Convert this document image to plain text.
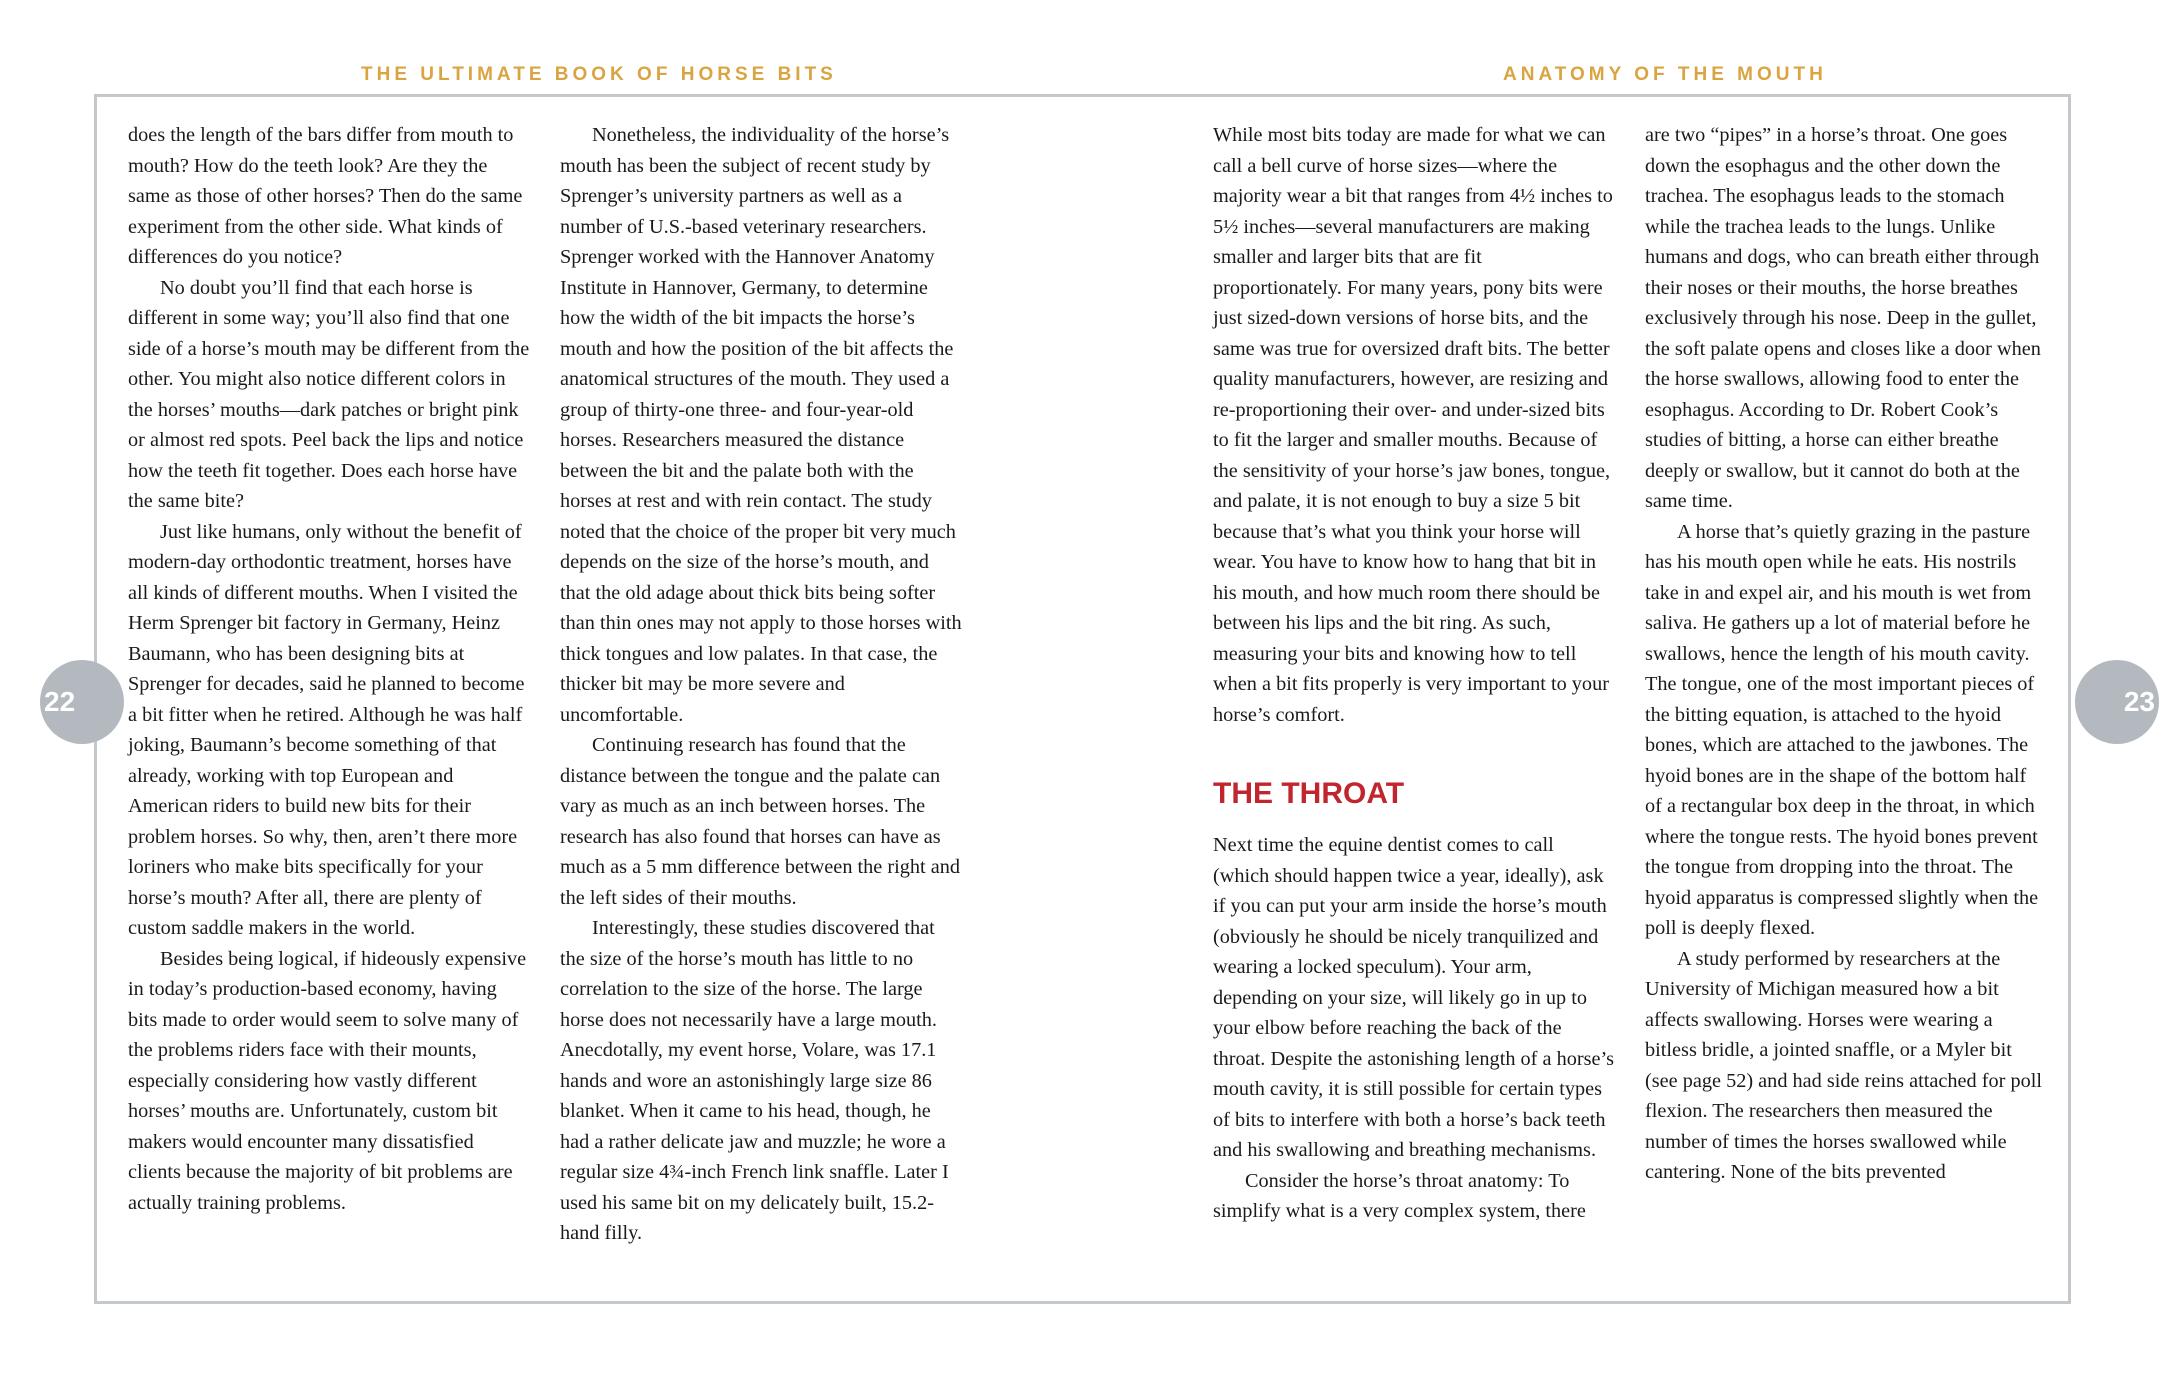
THE ULTIMATE BOOK OF HORSE BITS	ANATOMY OF THE MOUTH
22	23

does the length of the bars differ from mouth to mouth? How do the teeth look? Are they the same as those of other horses? Then do the same experiment from the other side. What kinds of differences do you notice?

No doubt you’ll find that each horse is different in some way; you’ll also find that one side of a horse’s mouth may be different from the other. You might also notice different colors in the horses’ mouths—dark patches or bright pink or almost red spots. Peel back the lips and notice how the teeth fit together. Does each horse have the same bite?

Just like humans, only without the benefit of modern-day orthodontic treatment, horses have all kinds of different mouths. When I visited the Herm Sprenger bit factory in Germany, Heinz Baumann, who has been designing bits at Sprenger for decades, said he planned to become a bit fitter when he retired. Although he was half joking, Baumann’s become something of that already, working with top European and American riders to build new bits for their problem horses. So why, then, aren’t there more loriners who make bits specifically for your horse’s mouth? After all, there are plenty of custom saddle makers in the world.

Besides being logical, if hideously expensive in today’s production-based economy, having bits made to order would seem to solve many of the problems riders face with their mounts, especially considering how vastly different horses’ mouths are. Unfortunately, custom bit makers would encounter many dissatisfied clients because the majority of bit problems are actually training problems.

Nonetheless, the individuality of the horse’s mouth has been the subject of recent study by Sprenger’s university partners as well as a number of U.S.-based veterinary researchers. Sprenger worked with the Hannover Anatomy Institute in Hannover, Germany, to determine how the width of the bit impacts the horse’s mouth and how the position of the bit affects the anatomical structures of the mouth. They used a group of thirty-one three- and four-year-old horses. Researchers measured the distance between the bit and the palate both with the horses at rest and with rein contact. The study noted that the choice of the proper bit very much depends on the size of the horse’s mouth, and that the old adage about thick bits being softer than thin ones may not apply to those horses with thick tongues and low palates. In that case, the thicker bit may be more severe and uncomfortable.

Continuing research has found that the distance between the tongue and the palate can vary as much as an inch between horses. The research has also found that horses can have as much as a 5 mm difference between the right and the left sides of their mouths.

Interestingly, these studies discovered that the size of the horse’s mouth has little to no correlation to the size of the horse. The large horse does not necessarily have a large mouth. Anecdotally, my event horse, Volare, was 17.1 hands and wore an astonishingly large size 86 blanket. When it came to his head, though, he had a rather delicate jaw and muzzle; he wore a regular size 4¾-inch French link snaffle. Later I used his same bit on my delicately built, 15.2-hand filly.

While most bits today are made for what we can call a bell curve of horse sizes—where the majority wear a bit that ranges from 4½ inches to 5½ inches—several manufacturers are making smaller and larger bits that are fit proportionately. For many years, pony bits were just sized-down versions of horse bits, and the same was true for oversized draft bits. The better quality manufacturers, however, are resizing and re-proportioning their over- and under-sized bits to fit the larger and smaller mouths. Because of the sensitivity of your horse’s jaw bones, tongue, and palate, it is not enough to buy a size 5 bit because that’s what you think your horse will wear. You have to know how to hang that bit in his mouth, and how much room there should be between his lips and the bit ring. As such, measuring your bits and knowing how to tell when a bit fits properly is very important to your horse’s comfort.

THE THROAT

Next time the equine dentist comes to call (which should happen twice a year, ideally), ask if you can put your arm inside the horse’s mouth (obviously he should be nicely tranquilized and wearing a locked speculum). Your arm, depending on your size, will likely go in up to your elbow before reaching the back of the throat. Despite the astonishing length of a horse’s mouth cavity, it is still possible for certain types of bits to interfere with both a horse’s back teeth and his swallowing and breathing mechanisms.

Consider the horse’s throat anatomy: To simplify what is a very complex system, there

are two “pipes” in a horse’s throat. One goes down the esophagus and the other down the trachea. The esophagus leads to the stomach while the trachea leads to the lungs. Unlike humans and dogs, who can breath either through their noses or their mouths, the horse breathes exclusively through his nose. Deep in the gullet, the soft palate opens and closes like a door when the horse swallows, allowing food to enter the esophagus. According to Dr. Robert Cook’s studies of bitting, a horse can either breathe deeply or swallow, but it cannot do both at the same time.

A horse that’s quietly grazing in the pasture has his mouth open while he eats. His nostrils take in and expel air, and his mouth is wet from saliva. He gathers up a lot of material before he swallows, hence the length of his mouth cavity. The tongue, one of the most important pieces of the bitting equation, is attached to the hyoid bones, which are attached to the jawbones. The hyoid bones are in the shape of the bottom half of a rectangular box deep in the throat, in which where the tongue rests. The hyoid bones prevent the tongue from dropping into the throat. The hyoid apparatus is compressed slightly when the poll is deeply flexed.

A study performed by researchers at the University of Michigan measured how a bit affects swallowing. Horses were wearing a bitless bridle, a jointed snaffle, or a Myler bit (see page 52) and had side reins attached for poll flexion. The researchers then measured the number of times the horses swallowed while cantering. None of the bits prevented
